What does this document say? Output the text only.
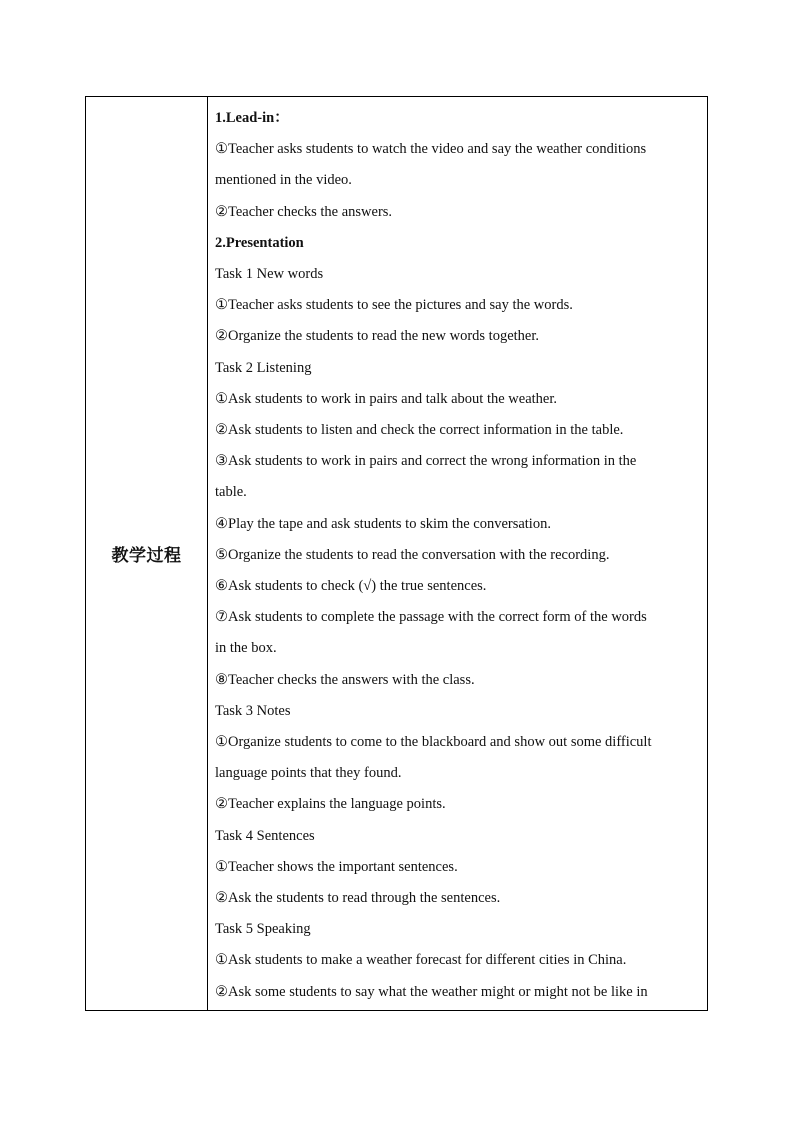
教学过程
1.Lead-in：
①Teacher asks students to watch the video and say the weather conditions
mentioned in the video.
②Teacher checks the answers.
2.Presentation
Task 1 New words
①Teacher asks students to see the pictures and say the words.
②Organize the students to read the new words together.
Task 2 Listening
①Ask students to work in pairs and talk about the weather.
②Ask students to listen and check the correct information in the table.
③Ask students to work in pairs and correct the wrong information in the
table.
④Play the tape and ask students to skim the conversation.
⑤Organize the students to read the conversation with the recording.
⑥Ask students to check (√) the true sentences.
⑦Ask students to complete the passage with the correct form of the words
in the box.
⑧Teacher checks the answers with the class.
Task 3 Notes
①Organize students to come to the blackboard and show out some difficult
language points that they found.
②Teacher explains the language points.
Task 4 Sentences
①Teacher shows the important sentences.
②Ask the students to read through the sentences.
Task 5 Speaking
①Ask students to make a weather forecast for different cities in China.
②Ask some students to say what the weather might or might not be like in
